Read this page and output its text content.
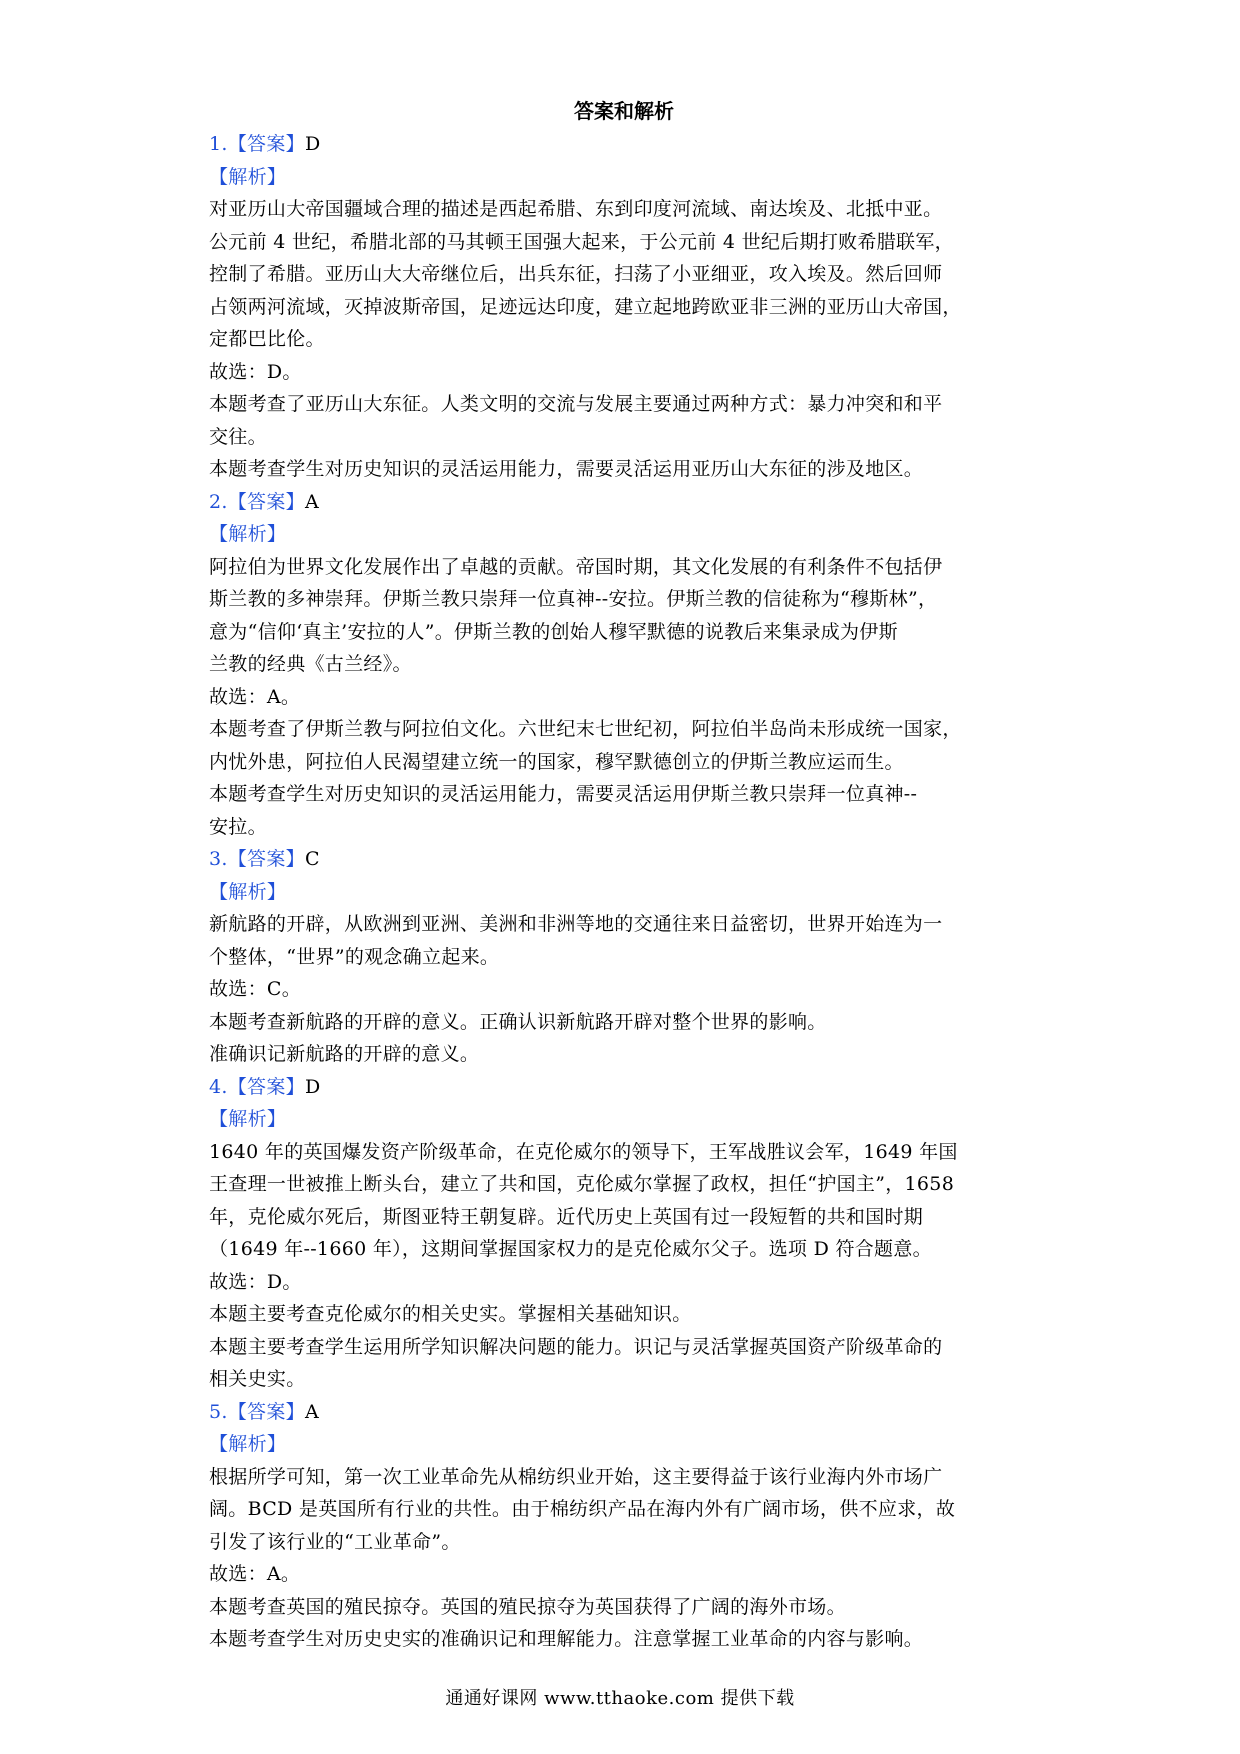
答案和解析
1.【答案】D
【解析】
对亚历山大帝国疆域合理的描述是西起希腊、东到印度河流域、南达埃及、北抵中亚。
公元前 4 世纪，希腊北部的马其顿王国强大起来，于公元前 4 世纪后期打败希腊联军，
控制了希腊。亚历山大大帝继位后，出兵东征，扫荡了小亚细亚，攻入埃及。然后回师
占领两河流域，灭掉波斯帝国，足迹远达印度，建立起地跨欧亚非三洲的亚历山大帝国，
定都巴比伦。
故选：D。
本题考查了亚历山大东征。人类文明的交流与发展主要通过两种方式：暴力冲突和和平
交往。
本题考查学生对历史知识的灵活运用能力，需要灵活运用亚历山大东征的涉及地区。
2.【答案】A
【解析】
阿拉伯为世界文化发展作出了卓越的贡献。帝国时期，其文化发展的有利条件不包括伊
斯兰教的多神崇拜。伊斯兰教只崇拜一位真神--安拉。伊斯兰教的信徒称为“穆斯林”，
意为“信仰‘真主’安拉的人”。伊斯兰教的创始人穆罕默德的说教后来集录成为伊斯
兰教的经典《古兰经》。
故选：A。
本题考查了伊斯兰教与阿拉伯文化。六世纪末七世纪初，阿拉伯半岛尚未形成统一国家，
内忧外患，阿拉伯人民渴望建立统一的国家，穆罕默德创立的伊斯兰教应运而生。
本题考查学生对历史知识的灵活运用能力，需要灵活运用伊斯兰教只崇拜一位真神--
安拉。
3.【答案】C
【解析】
新航路的开辟，从欧洲到亚洲、美洲和非洲等地的交通往来日益密切，世界开始连为一
个整体，“世界”的观念确立起来。
故选：C。
本题考查新航路的开辟的意义。正确认识新航路开辟对整个世界的影响。
准确识记新航路的开辟的意义。
4.【答案】D
【解析】
1640 年的英国爆发资产阶级革命，在克伦威尔的领导下，王军战胜议会军，1649 年国
王查理一世被推上断头台，建立了共和国，克伦威尔掌握了政权，担任“护国主”，1658
年，克伦威尔死后，斯图亚特王朝复辟。近代历史上英国有过一段短暂的共和国时期
（1649 年--1660 年），这期间掌握国家权力的是克伦威尔父子。选项 D 符合题意。
故选：D。
本题主要考查克伦威尔的相关史实。掌握相关基础知识。
本题主要考查学生运用所学知识解决问题的能力。识记与灵活掌握英国资产阶级革命的
相关史实。
5.【答案】A
【解析】
根据所学可知，第一次工业革命先从棉纺织业开始，这主要得益于该行业海内外市场广
阔。BCD 是英国所有行业的共性。由于棉纺织产品在海内外有广阔市场，供不应求，故
引发了该行业的“工业革命”。
故选：A。
本题考查英国的殖民掠夺。英国的殖民掠夺为英国获得了广阔的海外市场。
本题考查学生对历史史实的准确识记和理解能力。注意掌握工业革命的内容与影响。
通通好课网 www.tthaoke.com 提供下载
